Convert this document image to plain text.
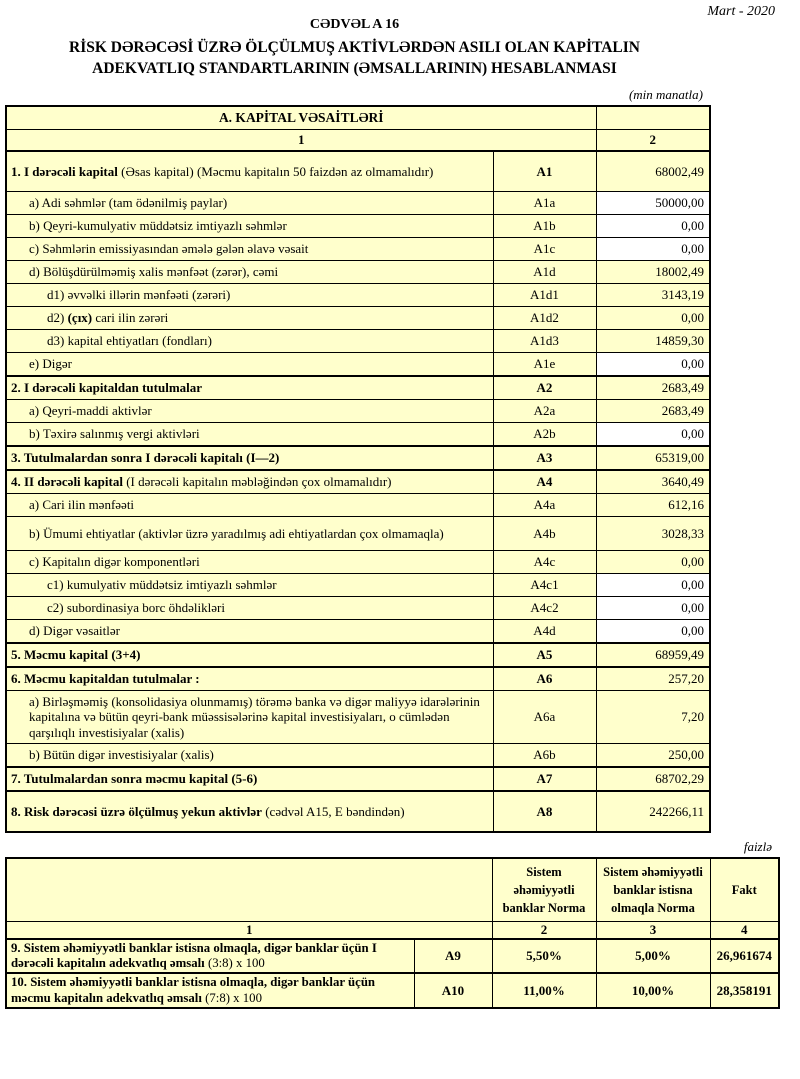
Mart - 2020
CƏDVƏL A 16
RİSK DƏRƏCƏSİ ÜZRƏ ÖLÇÜLMUŞ AKTİVLƏRDƏN ASILI OLAN KAPİTALIN
ADEKVATLIQ STANDARTLARININ (ƏMSALLARININ) HESABLANMASI
(min manatla)
A. KAPİTAL VƏSAİTLƏRİ		
1		2
1. I dərəcəli kapital (Əsas kapital) (Məcmu kapitalın 50 faizdən az olmamalıdır)	A1	68002,49
a) Adi səhmlər (tam ödənilmiş paylar)	A1a	50000,00
b) Qeyri-kumulyativ müddətsiz imtiyazlı səhmlər	A1b	0,00
c) Səhmlərin emissiyasından əmələ gələn əlavə vəsait	A1c	0,00
d) Bölüşdürülməmiş xalis mənfəət (zərər), cəmi	A1d	18002,49
d1) əvvəlki illərin mənfəəti (zərəri)	A1d1	3143,19
d2) (çıx) cari ilin zərəri	A1d2	0,00
d3) kapital ehtiyatları (fondları)	A1d3	14859,30
e) Digər	A1e	0,00
2. I dərəcəli kapitaldan tutulmalar	A2	2683,49
a) Qeyri-maddi aktivlər	A2a	2683,49
b) Təxirə salınmış vergi aktivləri	A2b	0,00
3. Tutulmalardan sonra I dərəcəli kapitalı (I—2)	A3	65319,00
4. II dərəcəli kapital (I dərəcəli kapitalın məbləğindən çox olmamalıdır)	A4	3640,49
a) Cari ilin mənfəəti	A4a	612,16
b) Ümumi ehtiyatlar (aktivlər üzrə yaradılmış adi ehtiyatlardan çox olmamaqla)	A4b	3028,33
c) Kapitalın digər komponentləri	A4c	0,00
c1) kumulyativ müddətsiz imtiyazlı səhmlər	A4c1	0,00
c2) subordinasiya borc öhdəlikləri	A4c2	0,00
d) Digər vəsaitlər	A4d	0,00
5. Məcmu kapital (3+4)	A5	68959,49
6. Məcmu kapitaldan tutulmalar :	A6	257,20
a) Birləşməmiş (konsolidasiya olunmamış) törəmə banka və digər maliyyə idarələrinin kapitalına və bütün qeyri-bank müəssisələrinə kapital investisiyaları, o cümlədən qarşılıqlı investisiyalar (xalis)	A6a	7,20
b) Bütün digər investisiyalar (xalis)	A6b	250,00
7. Tutulmalardan sonra məcmu kapital (5-6)	A7	68702,29
8. Risk dərəcəsi üzrə ölçülmuş yekun aktivlər (cədvəl A15, E bəndindən)	A8	242266,11
faizlə
		Sistem əhəmiyyətli banklar Norma	Sistem əhəmiyyətli banklar istisna olmaqla Norma	Fakt
1		2	3	4
9. Sistem əhəmiyyətli banklar istisna olmaqla, digər banklar üçün I dərəcəli kapitalın adekvatlıq əmsalı (3:8) x 100	A9	5,50%	5,00%	26,961674
10. Sistem əhəmiyyətli banklar istisna olmaqla, digər banklar üçün məcmu kapitalın adekvatlıq əmsalı (7:8) x 100	A10	11,00%	10,00%	28,358191
